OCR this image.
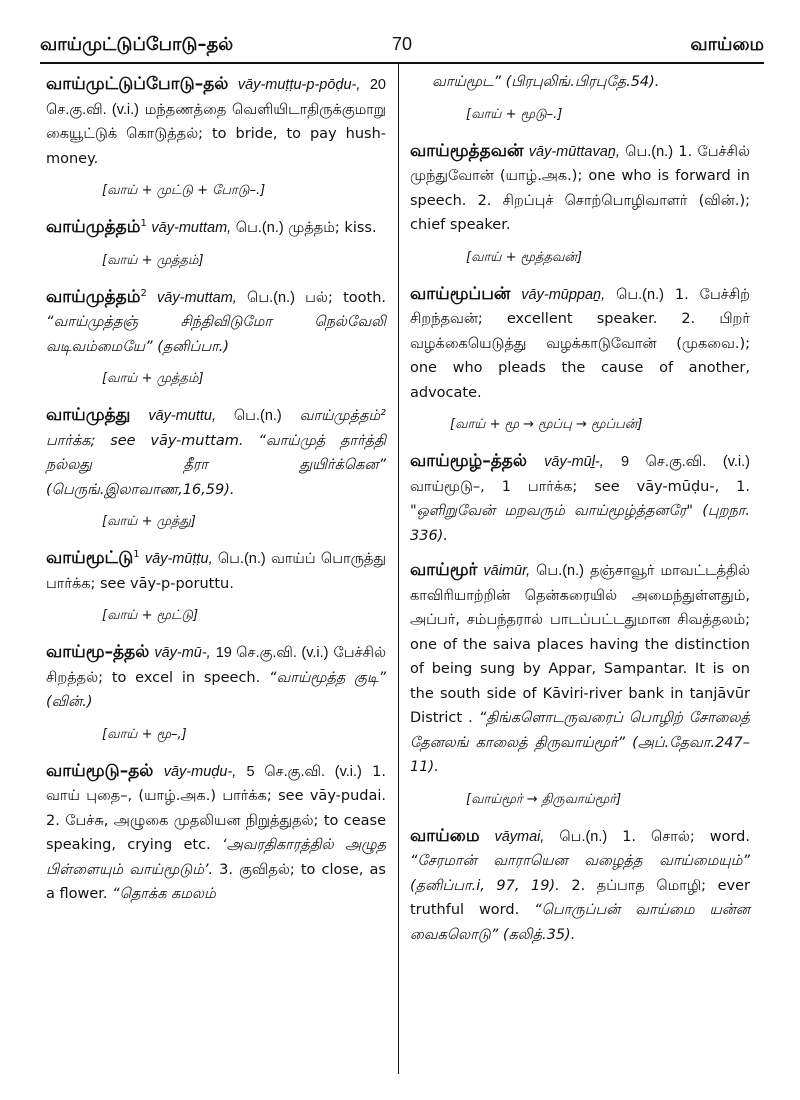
வாய்முட்டுப்போடு–தல்	70	வாய்மை

வாய்முட்டுப்போடு–தல் vāy-muṭṭu-p-pōḍu-, 20 செ.கு.வி. (v.i.) மந்தணத்தை வெளியிடாதிருக்குமாறு கையூட்டுக் கொடுத்தல்; to bride, to pay hush-money.

[வாய் + முட்டு + போடு–.]

வாய்முத்தம்$^1$ vāy-muttam, பெ.(n.) முத்தம்; kiss.

[வாய் + முத்தம்]

வாய்முத்தம்$^2$ vāy-muttam, பெ.(n.) பல்; tooth. “வாய்முத்தஞ் சிந்திவிடுமோ நெல்வேலி வடிவம்மையே” (தனிப்பா.)

[வாய் + முத்தம்]

வாய்முத்து vāy-muttu, பெ.(n.) வாய்முத்தம்² பார்க்க; see vāy-muttam. “வாய்முத் தார்த்தி நல்லது தீரா துயிர்க்கென” (பெருங்.இலாவாண,16,59).

[வாய் + முத்து]

வாய்மூட்டு$^1$ vāy-mūṭṭu, பெ.(n.) வாய்ப் பொருத்து பார்க்க; see vāy-p-poruttu.

[வாய் + மூட்டு]

வாய்மூ–த்தல் vāy-mū-, 19 செ.கு.வி. (v.i.) பேச்சில் சிறத்தல்; to excel in speech. “வாய்மூத்த குடி” (வின்.)

[வாய் + மூ–,]

வாய்மூடு–தல் vāy-muḍu-, 5 செ.கு.வி. (v.i.) 1. வாய் புதை–, (யாழ்.அக.) பார்க்க; see vāy-pudai. 2. பேச்சு, அழுகை முதலியன நிறுத்துதல்; to cease speaking, crying etc. ‘அவரதிகாரத்தில் அழுத பிள்ளையும் வாய்மூடும்’. 3. குவிதல்; to close, as a flower. “தொக்க கமலம்

வாய்மூட” (பிரபுலிங்.பிரபுதே.54).

[வாய் + மூடு–.]

வாய்மூத்தவன் vāy-mūttavaṉ, பெ.(n.) 1. பேச்சில் முந்துவோன் (யாழ்.அக.); one who is forward in speech. 2. சிறப்புச் சொற்பொழிவாளர் (வின்.); chief speaker.

[வாய் + மூத்தவன்]

வாய்மூப்பன் vāy-mūppaṉ, பெ.(n.) 1. பேச்சிற் சிறந்தவன்; excellent speaker. 2. பிறர் வழக்கையெடுத்து வழக்காடுவோன் (முகவை.); one who pleads the cause of another, advocate.

[வாய் + மூ → மூப்பு → மூப்பன்]

வாய்மூழ்–த்தல் vāy-mūḻ-, 9 செ.கு.வி. (v.i.) வாய்மூடு–, 1 பார்க்க; see vāy-mūḍu-, 1. "ஒளிறுவேன் மறவரும் வாய்மூழ்த்தனரே" (புறநா. 336).

வாய்மூர் vāimūr, பெ.(n.) தஞ்சாவூர் மாவட்டத்தில் காவிரியாற்றின் தென்கரையில் அமைந்துள்ளதும், அப்பர், சம்பந்தரால் பாடப்பட்டதுமான சிவத்தலம்; one of the saiva places having the distinction of being sung by Appar, Sampantar. It is on the south side of Kāviri-river bank in tanjāvūr District . “திங்களொடருவரைப் பொழிற் சோலைத் தேனலங் காலைத் திருவாய்மூர்” (அப்.தேவா.247–11).

[வாய்மூர் → திருவாய்மூர்]

வாய்மை vāymai, பெ.(n.) 1. சொல்; word. “சேரமான் வாராயென வழைத்த வாய்மையும்” (தனிப்பா.i, 97, 19). 2. தப்பாத மொழி; ever truthful word. “பொருப்பன் வாய்மை யன்ன வைகலொடு” (கலித்.35).
